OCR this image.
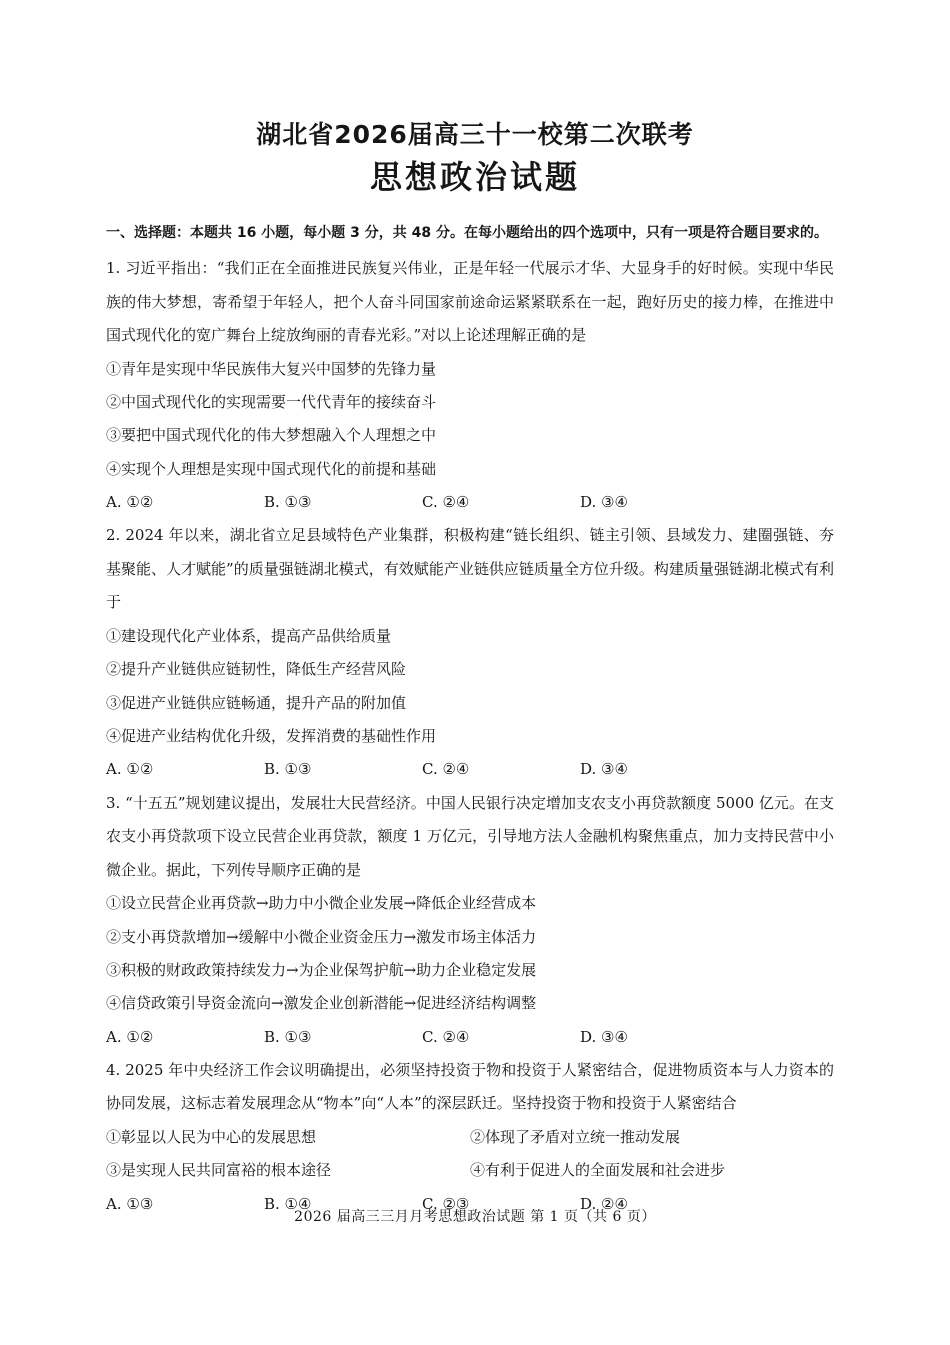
湖北省2026届高三十一校第二次联考
思想政治试题
一、选择题：本题共 16 小题，每小题 3 分，共 48 分。在每小题给出的四个选项中，只有一项是符合题目要求的。
1. 习近平指出：“我们正在全面推进民族复兴伟业，正是年轻一代展示才华、大显身手的好时候。实现中华民族的伟大梦想，寄希望于年轻人，把个人奋斗同国家前途命运紧紧联系在一起，跑好历史的接力棒，在推进中国式现代化的宽广舞台上绽放绚丽的青春光彩。”对以上论述理解正确的是
①青年是实现中华民族伟大复兴中国梦的先锋力量
②中国式现代化的实现需要一代代青年的接续奋斗
③要把中国式现代化的伟大梦想融入个人理想之中
④实现个人理想是实现中国式现代化的前提和基础
A. ①②	B. ①③	C. ②④	D. ③④
2. 2024 年以来，湖北省立足县域特色产业集群，积极构建“链长组织、链主引领、县域发力、建圈强链、夯基聚能、人才赋能”的质量强链湖北模式，有效赋能产业链供应链质量全方位升级。构建质量强链湖北模式有利于
①建设现代化产业体系，提高产品供给质量
②提升产业链供应链韧性，降低生产经营风险
③促进产业链供应链畅通，提升产品的附加值
④促进产业结构优化升级，发挥消费的基础性作用
A. ①②	B. ①③	C. ②④	D. ③④
3. “十五五”规划建议提出，发展壮大民营经济。中国人民银行决定增加支农支小再贷款额度 5000 亿元。在支农支小再贷款项下设立民营企业再贷款，额度 1 万亿元，引导地方法人金融机构聚焦重点，加力支持民营中小微企业。据此，下列传导顺序正确的是
①设立民营企业再贷款→助力中小微企业发展→降低企业经营成本
②支小再贷款增加→缓解中小微企业资金压力→激发市场主体活力
③积极的财政政策持续发力→为企业保驾护航→助力企业稳定发展
④信贷政策引导资金流向→激发企业创新潜能→促进经济结构调整
A. ①②	B. ①③	C. ②④	D. ③④
4. 2025 年中央经济工作会议明确提出，必须坚持投资于物和投资于人紧密结合，促进物质资本与人力资本的协同发展，这标志着发展理念从“物本”向“人本”的深层跃迁。坚持投资于物和投资于人紧密结合
①彰显以人民为中心的发展思想	②体现了矛盾对立统一推动发展
③是实现人民共同富裕的根本途径	④有利于促进人的全面发展和社会进步
A. ①③	B. ①④	C. ②③	D. ②④
2026 届高三三月月考思想政治试题 第 1 页（共 6 页）
